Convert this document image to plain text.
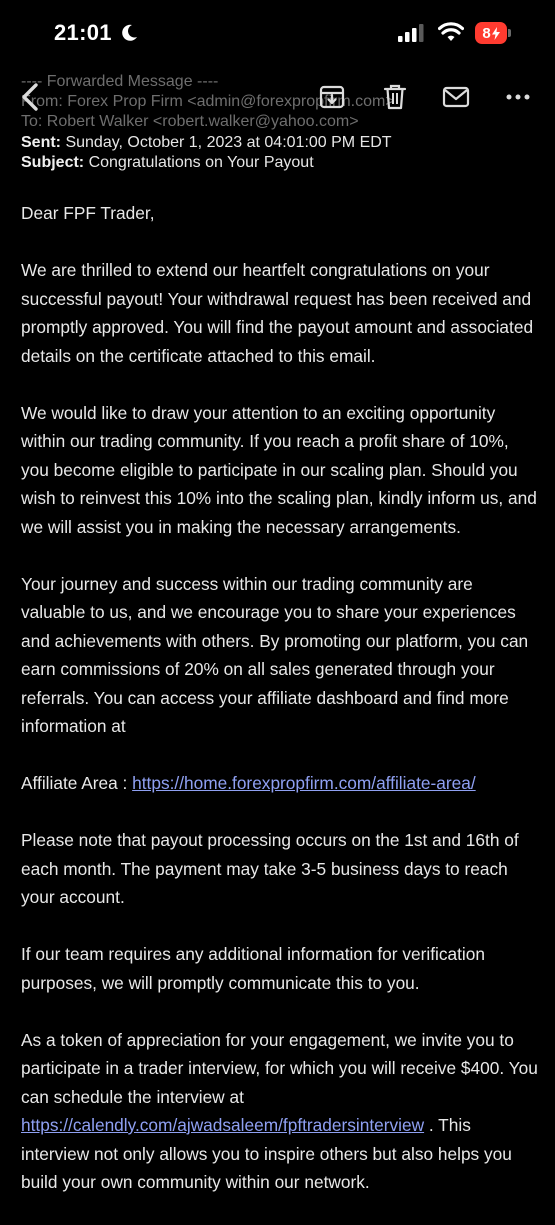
21:01	8
---- Forwarded Message ----
From: Forex Prop Firm <admin@forexpropfirm.com>
To: Robert Walker <robert.walker@yahoo.com>
Sent: Sunday, October 1, 2023 at 04:01:00 PM EDT
Subject: Congratulations on Your Payout

Dear FPF Trader,

We are thrilled to extend our heartfelt congratulations on your successful payout! Your withdrawal request has been received and promptly approved. You will find the payout amount and associated details on the certificate attached to this email.

We would like to draw your attention to an exciting opportunity within our trading community. If you reach a profit share of 10%, you become eligible to participate in our scaling plan. Should you wish to reinvest this 10% into the scaling plan, kindly inform us, and we will assist you in making the necessary arrangements.

Your journey and success within our trading community are valuable to us, and we encourage you to share your experiences and achievements with others. By promoting our platform, you can earn commissions of 20% on all sales generated through your referrals. You can access your affiliate dashboard and find more information at

Affiliate Area : https://home.forexpropfirm.com/affiliate-area/

Please note that payout processing occurs on the 1st and 16th of each month. The payment may take 3-5 business days to reach your account.

If our team requires any additional information for verification purposes, we will promptly communicate this to you.

As a token of appreciation for your engagement, we invite you to participate in a trader interview, for which you will receive $400. You can schedule the interview at https://calendly.com/ajwadsaleem/fpftradersinterview . This interview not only allows you to inspire others but also helps you build your own community within our network.
